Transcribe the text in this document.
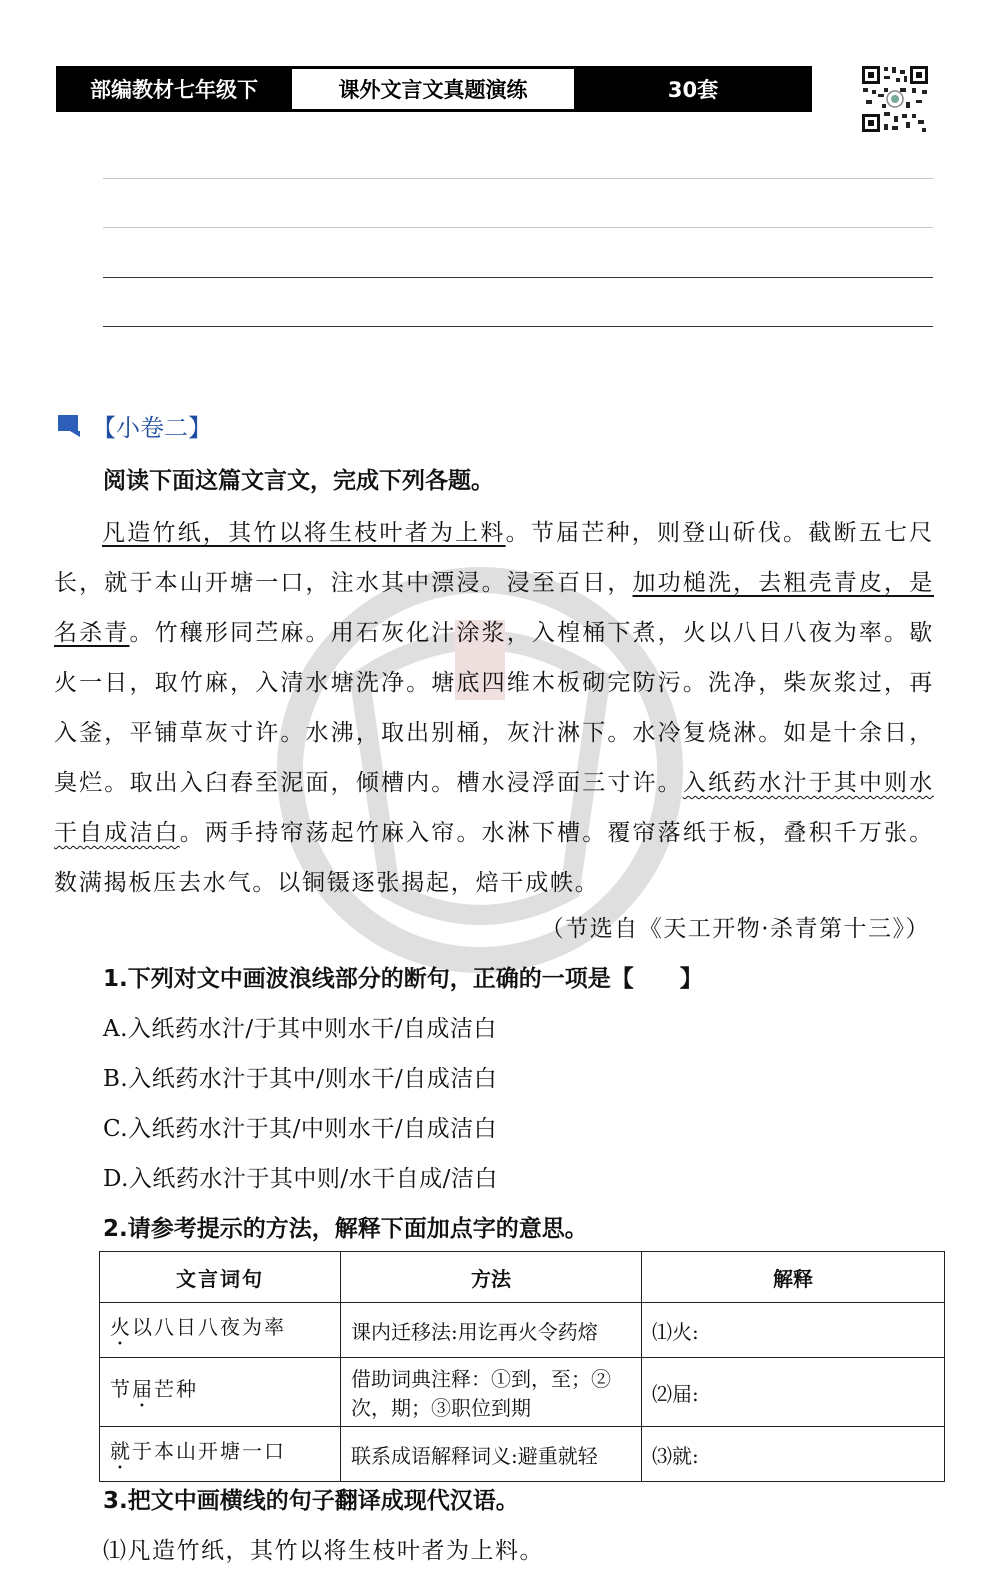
部编教材七年级下	课外文言文真题演练	30套
【小卷二】
阅读下面这篇文言文，完成下列各题。

凡造竹纸，其竹以将生枝叶者为上料。节届芒种，则登山斫伐。截断五七尺长，就于本山开塘一口，注水其中漂浸。浸至百日，加功槌洗，去粗壳青皮，是名杀青。竹穰形同苎麻。用石灰化汁涂浆，入楻桶下煮，火以八日八夜为率。歇火一日，取竹麻，入清水塘洗净。塘底四维木板砌完防污。洗净，柴灰浆过，再入釜，平铺草灰寸许。水沸，取出别桶，灰汁淋下。水冷复烧淋。如是十余日，臭烂。取出入臼舂至泥面，倾槽内。槽水浸浮面三寸许。入纸药水汁于其中则水干自成洁白。两手持帘荡起竹麻入帘。水淋下槽。覆帘落纸于板，叠积千万张。数满揭板压去水气。以铜镊逐张揭起，焙干成帙。

（节选自《天工开物·杀青第十三》）
1.下列对文中画波浪线部分的断句，正确的一项是【　　】
A.入纸药水汁/于其中则水干/自成洁白
B.入纸药水汁于其中/则水干/自成洁白
C.入纸药水汁于其/中则水干/自成洁白
D.入纸药水汁于其中则/水干自成/洁白
2.请参考提示的方法，解释下面加点字的意思。
文言词句	方法	解释
火以八日八夜为率	课内迁移法:用讫再火令药熔	⑴火:
节届芒种	借助词典注释：①到，至；②次，期；③职位到期	⑵届:
就于本山开塘一口	联系成语解释词义:避重就轻	⑶就:
3.把文中画横线的句子翻译成现代汉语。
⑴凡造竹纸，其竹以将生枝叶者为上料。
